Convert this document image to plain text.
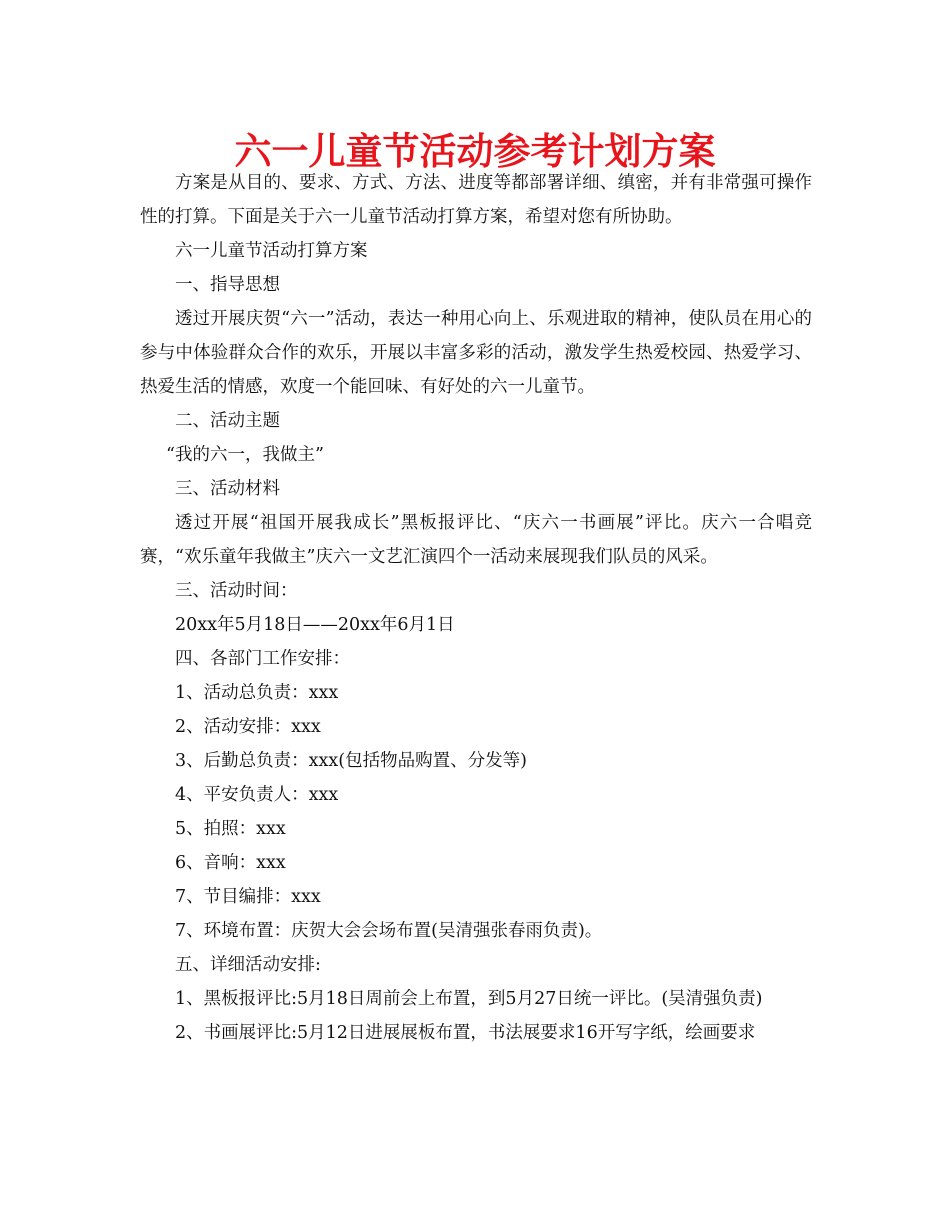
六一儿童节活动参考计划方案

方案是从目的、要求、方式、方法、进度等都部署详细、缜密，并有非常强可操作性的打算。下面是关于六一儿童节活动打算方案，希望对您有所协助。

六一儿童节活动打算方案

一、指导思想

透过开展庆贺“六一”活动，表达一种用心向上、乐观进取的精神，使队员在用心的参与中体验群众合作的欢乐，开展以丰富多彩的活动，激发学生热爱校园、热爱学习、热爱生活的情感，欢度一个能回味、有好处的六一儿童节。

二、活动主题

“我的六一，我做主”

三、活动材料

透过开展“祖国开展我成长”黑板报评比、“庆六一书画展”评比。庆六一合唱竞赛，“欢乐童年我做主”庆六一文艺汇演四个一活动来展现我们队员的风采。

三、活动时间：

20xx年5月18日——20xx年6月1日

四、各部门工作安排：

1、活动总负责：xxx

2、活动安排：xxx

3、后勤总负责：xxx(包括物品购置、分发等)

4、平安负责人：xxx

5、拍照：xxx

6、音响：xxx

7、节目编排：xxx

7、环境布置：庆贺大会会场布置(吴清强张春雨负责)。

五、详细活动安排:

1、黑板报评比:5月18日周前会上布置，到5月27日统一评比。(吴清强负责)

2、书画展评比:5月12日进展展板布置，书法展要求16开写字纸，绘画要求
